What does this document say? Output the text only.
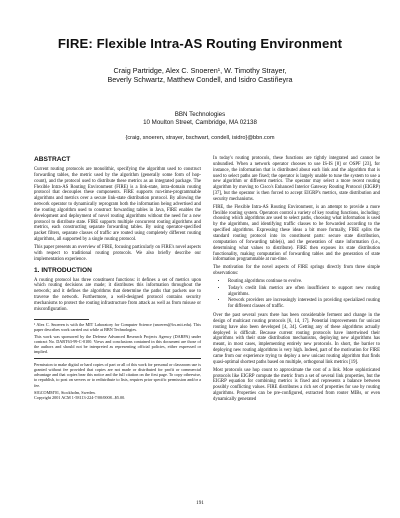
FIRE: Flexible Intra-AS Routing Environment
Craig Partridge, Alex C. Snoeren¹, W. Timothy Strayer,
Beverly Schwartz, Matthew Condell, and Isidro Castiñeyra
BBN Technologies
10 Moulton Street, Cambridge, MA 02138
{craig, snoeren, strayer, bschwart, condell, isidro}@bbn.com
ABSTRACT

Current routing protocols are monolithic, specifying the algorithm used to construct forwarding tables, the metric used by the algorithm (generally some form of hop-count), and the protocol used to distribute these metrics as an integrated package. The Flexible Intra-AS Routing Environment (FIRE) is a link-state, intra-domain routing protocol that decouples these components. FIRE supports run-time-programmable algorithms and metrics over a secure link-state distribution protocol. By allowing the network operator to dynamically reprogram both the information being advertised and the routing algorithm used to construct forwarding tables in Java, FIRE enables the development and deployment of novel routing algorithms without the need for a new protocol to distribute state. FIRE supports multiple concurrent routing algorithms and metrics, each constructing separate forwarding tables. By using operator-specified packet filters, separate classes of traffic are routed using completely different routing algorithms, all supported by a single routing protocol.

This paper presents an overview of FIRE, focusing particularly on FIRE's novel aspects with respect to traditional routing protocols. We also briefly describe our implementation experience.

1. INTRODUCTION

A routing protocol has three constituent functions: it defines a set of metrics upon which routing decisions are made; it distributes this information throughout the network; and it defines the algorithms that determine the paths that packets use to traverse the network. Furthermore, a well-designed protocol contains security mechanisms to protect the routing infrastructure from attack as well as from misuse or misconfiguration.

¹ Alex C. Snoeren is with the MIT Laboratory for Computer Science (snoeren@lcs.mit.edu). This paper describes work carried out while at BBN Technologies.

This work was sponsored by the Defense Advanced Research Projects Agency (DARPA) under contract No. DABT63-99-C-0100. Views and conclusions contained in this document are those of the authors and should not be interpreted as representing official policies, either expressed or implied.

Permission to make digital or hard copies of part or all of this work for personal or classroom use is granted without fee provided that copies are not made or distributed for profit or commercial advantage and that copies bear this notice and the full citation on the first page. To copy otherwise, to republish, to post on servers or to redistribute to lists, requires prior specific permission and/or a fee.

SIGCOMM'01, Stockholm, Sweden.

Copyright 2001 ACM 1-58113-224-7/00/0008...$5.00.

In today's routing protocols, these functions are tightly integrated and cannot be unbundled. When a network operator chooses to use IS-IS [8] or OSPF [23], for instance, the information that is distributed about each link and the algorithm that is used to select paths are fixed; the operator is largely unable to tune the system to use a new algorithm or different metrics. The operator may select a more recent routing algorithm by moving to Cisco's Enhanced Interior Gateway Routing Protocol (EIGRP) [37], but the operator is then forced to accept EIGRP's metrics, state distribution and security mechanisms.

FIRE, the Flexible Intra-AS Routing Environment, is an attempt to provide a more flexible routing system. Operators control a variety of key routing functions, including: choosing which algorithms are used to select paths, choosing what information is used by the algorithms, and identifying traffic classes to be forwarded according to the specified algorithms. Expressing these ideas a bit more formally, FIRE splits the standard routing protocol into its constituent parts: secure state distribution, computation of forwarding table(s), and the generation of state information (i.e., determining what values to distribute). FIRE then exposes its state distribution functionality, making computation of forwarding tables and the generation of state information programmable at run-time.

The motivation for the novel aspects of FIRE springs directly from three simple observations:

• Routing algorithms continue to evolve.
• Today's credit link metrics are often insufficient to support new routing algorithms.
• Network providers are increasingly interested in providing specialized routing for different classes of traffic.

Over the past several years there has been considerable ferment and change in the design of multicast routing protocols [6, 14, 17]. Potential improvements for unicast routing have also been developed [4, 34]. Getting any of these algorithms actually deployed is difficult. Because current routing protocols have intertwined their algorithms with their state distribution mechanisms, deploying new algorithms has meant, in most cases, implementing entirely new protocols. In short, the barrier to deploying new routing algorithms is very high. Indeed, part of the motivation for FIRE came from our experience trying to deploy a new unicast routing algorithm that finds quasi-optimal shortest paths based on multiple, orthogonal link metrics [19].

Most protocols use hop count to approximate the cost of a link. More sophisticated protocols like EIGRP compute the metric from a set of several link properties, but the EIGRP equation for combining metrics is fixed and represents a balance between possibly conflicting values. FIRE distributes a rich set of properties for use by routing algorithms. Properties can be pre-configured, extracted from router MIBs, or even dynamically generated

191
